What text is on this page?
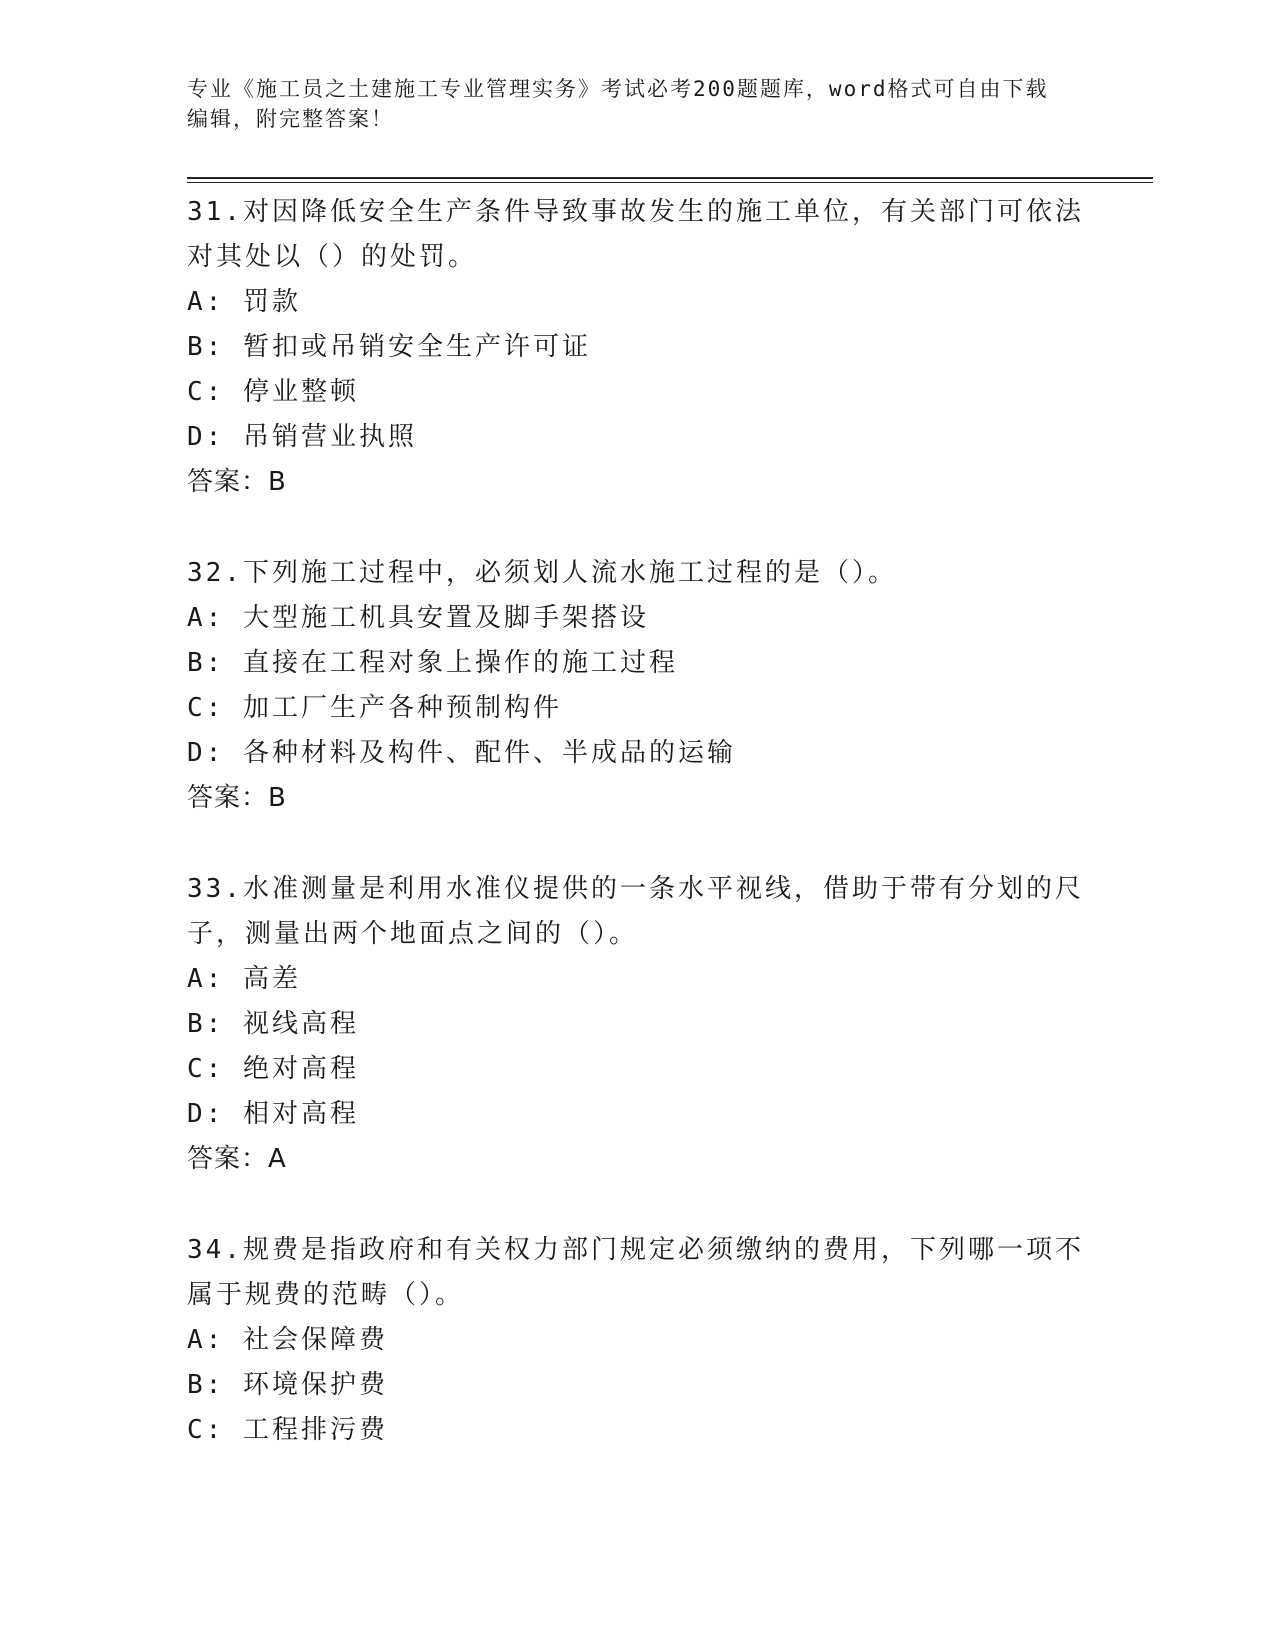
专业《施工员之土建施工专业管理实务》考试必考200题题库，word格式可自由下载编辑，附完整答案！
31.对因降低安全生产条件导致事故发生的施工单位，有关部门可依法对其处以（）的处罚。
A: 罚款
B: 暂扣或吊销安全生产许可证
C: 停业整顿
D: 吊销营业执照
答案：B
32.下列施工过程中，必须划人流水施工过程的是（）。
A: 大型施工机具安置及脚手架搭设
B: 直接在工程对象上操作的施工过程
C: 加工厂生产各种预制构件
D: 各种材料及构件、配件、半成品的运输
答案：B
33.水准测量是利用水准仪提供的一条水平视线，借助于带有分划的尺子，测量出两个地面点之间的（）。
A: 高差
B: 视线高程
C: 绝对高程
D: 相对高程
答案：A
34.规费是指政府和有关权力部门规定必须缴纳的费用，下列哪一项不属于规费的范畴（）。
A: 社会保障费
B: 环境保护费
C: 工程排污费
